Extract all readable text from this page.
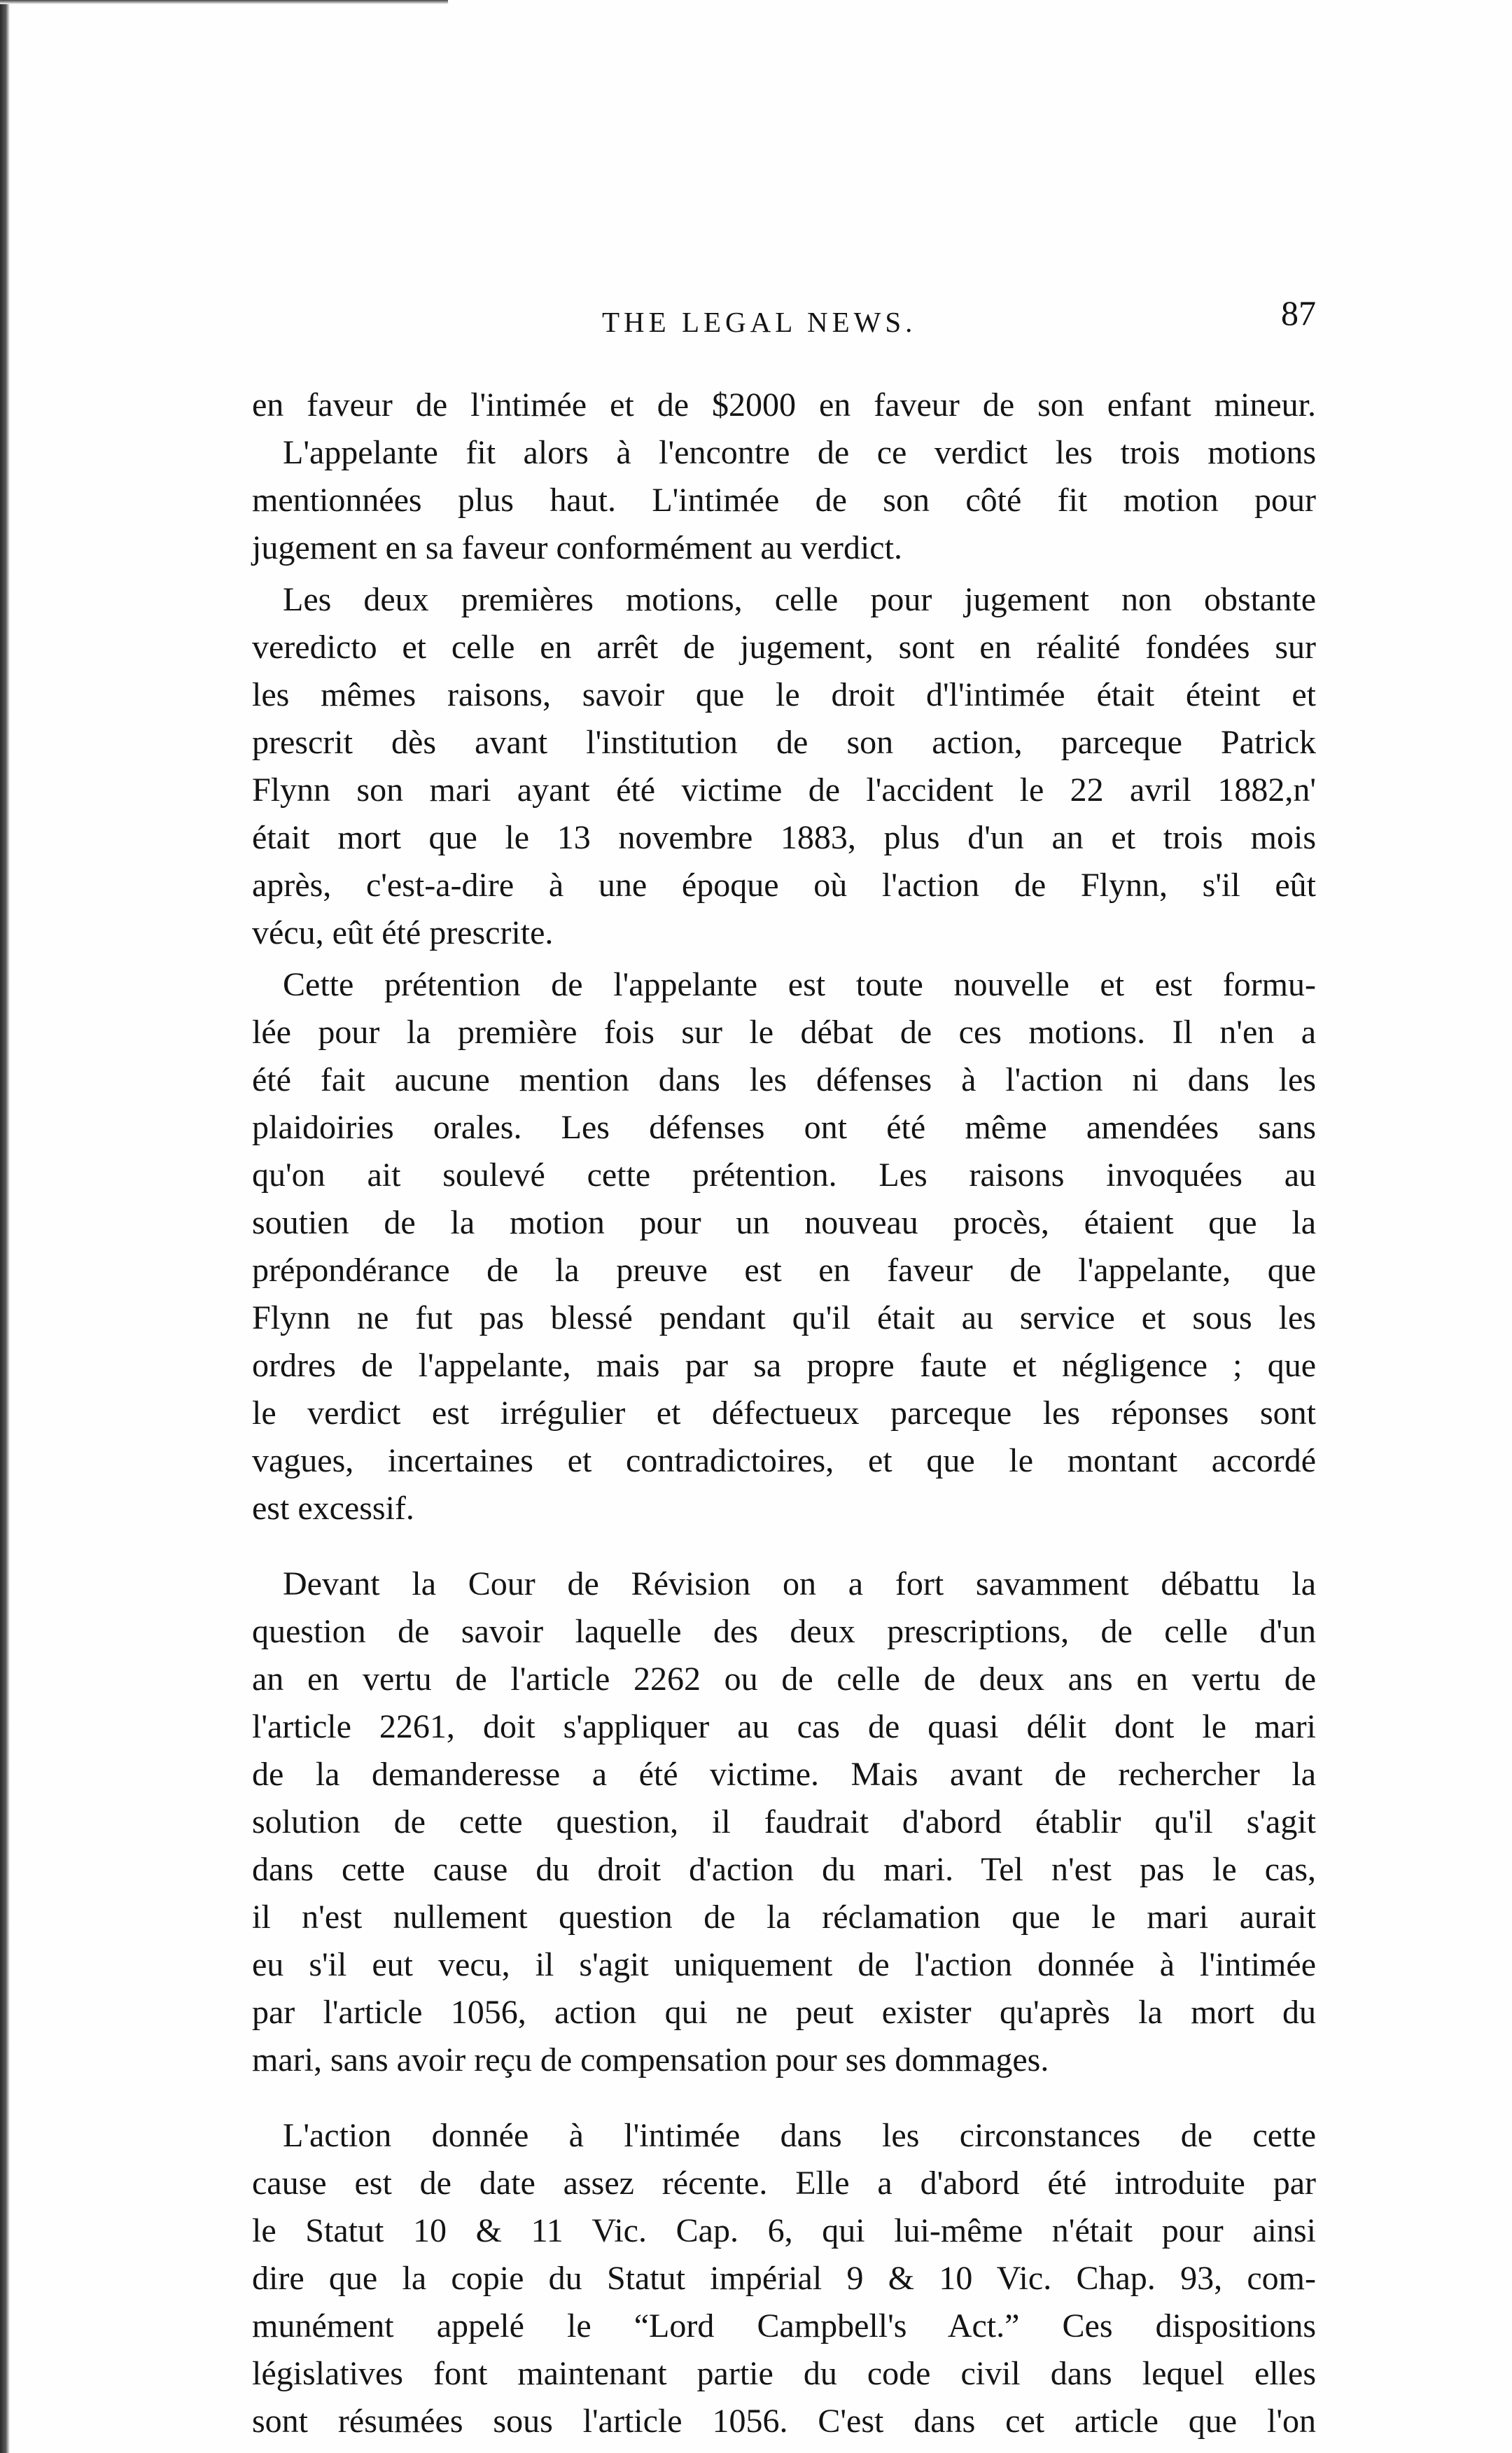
THE LEGAL NEWS.	87
en faveur de l'intimée et de $2000 en faveur de son enfant mineur.
L'appelante fit alors à l'encontre de ce verdict les trois motions
mentionnées plus haut. L'intimée de son côté fit motion pour
jugement en sa faveur conformément au verdict.
Les deux premières motions, celle pour jugement non obstante
veredicto et celle en arrêt de jugement, sont en réalité fondées sur
les mêmes raisons, savoir que le droit d'l'intimée était éteint et
prescrit dès avant l'institution de son action, parceque Patrick
Flynn son mari ayant été victime de l'accident le 22 avril 1882,n'
était mort que le 13 novembre 1883, plus d'un an et trois mois
après, c'est-a-dire à une époque où l'action de Flynn, s'il eût
vécu, eût été prescrite.
Cette prétention de l'appelante est toute nouvelle et est formu-
lée pour la première fois sur le débat de ces motions. Il n'en a
été fait aucune mention dans les défenses à l'action ni dans les
plaidoiries orales. Les défenses ont été même amendées sans
qu'on ait soulevé cette prétention. Les raisons invoquées au
soutien de la motion pour un nouveau procès, étaient que la
prépondérance de la preuve est en faveur de l'appelante, que
Flynn ne fut pas blessé pendant qu'il était au service et sous les
ordres de l'appelante, mais par sa propre faute et négligence ; que
le verdict est irrégulier et défectueux parceque les réponses sont
vagues, incertaines et contradictoires, et que le montant accordé
est excessif.
Devant la Cour de Révision on a fort savamment débattu la
question de savoir laquelle des deux prescriptions, de celle d'un
an en vertu de l'article 2262 ou de celle de deux ans en vertu de
l'article 2261, doit s'appliquer au cas de quasi délit dont le mari
de la demanderesse a été victime. Mais avant de rechercher la
solution de cette question, il faudrait d'abord établir qu'il s'agit
dans cette cause du droit d'action du mari. Tel n'est pas le cas,
il n'est nullement question de la réclamation que le mari aurait
eu s'il eut vecu, il s'agit uniquement de l'action donnée à l'intimée
par l'article 1056, action qui ne peut exister qu'après la mort du
mari, sans avoir reçu de compensation pour ses dommages.
L'action donnée à l'intimée dans les circonstances de cette
cause est de date assez récente. Elle a d'abord été introduite par
le Statut 10 & 11 Vic. Cap. 6, qui lui-même n'était pour ainsi
dire que la copie du Statut impérial 9 & 10 Vic. Chap. 93, com-
munément appelé le “Lord Campbell's Act.” Ces dispositions
législatives font maintenant partie du code civil dans lequel elles
sont résumées sous l'article 1056. C'est dans cet article que l'on
